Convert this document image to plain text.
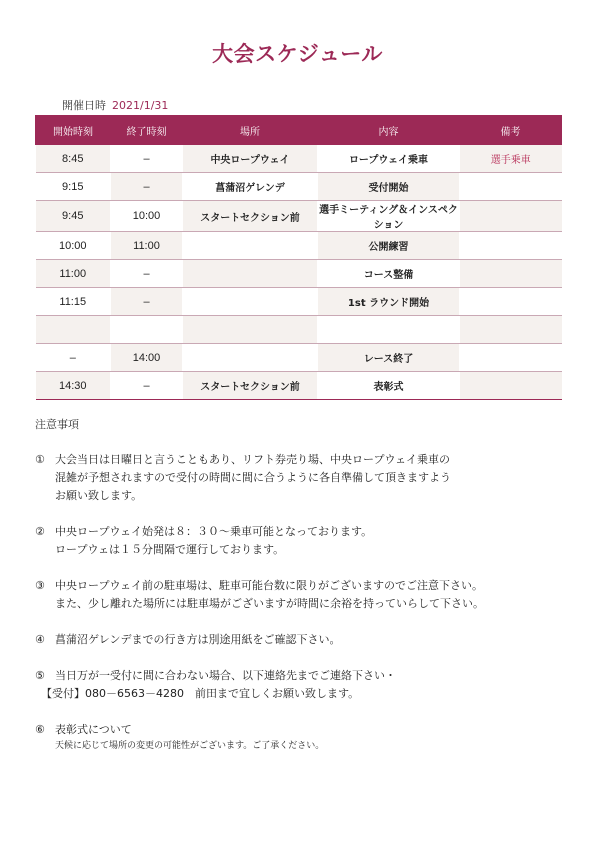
大会スケジュール
開催日時 2021/1/31
開始時刻	終了時刻	場所	内容	備考
8:45	–	中央ロープウェイ	ロープウェイ乗車	選手乗車
9:15	–	菖蒲沼ゲレンデ	受付開始	
9:45	10:00	スタートセクション前	選手ミーティング＆インスペクション	
10:00	11:00		公開練習	
11:00	–		コース整備	
11:15	–		1st ラウンド開始	

–	14:00		レース終了	
14:30	–	スタートセクション前	表彰式	
注意事項
① 大会当日は日曜日と言うこともあり、リフト券売り場、中央ロープウェイ乗車の
混雑が予想されますので受付の時間に間に合うように各自準備して頂きますよう
お願い致します。
② 中央ロープウェイ始発は８：３０～乗車可能となっております。
ロープウェは１５分間隔で運行しております。
③ 中央ロープウェイ前の駐車場は、駐車可能台数に限りがございますのでご注意下さい。
また、少し離れた場所には駐車場がございますが時間に余裕を持っていらして下さい。
④ 菖蒲沼ゲレンデまでの行き方は別途用紙をご確認下さい。
⑤ 当日万が一受付に間に合わない場合、以下連絡先までご連絡下さい・
【受付】080－6563－4280　前田まで宜しくお願い致します。
⑥ 表彰式について
天候に応じて場所の変更の可能性がございます。ご了承ください。
